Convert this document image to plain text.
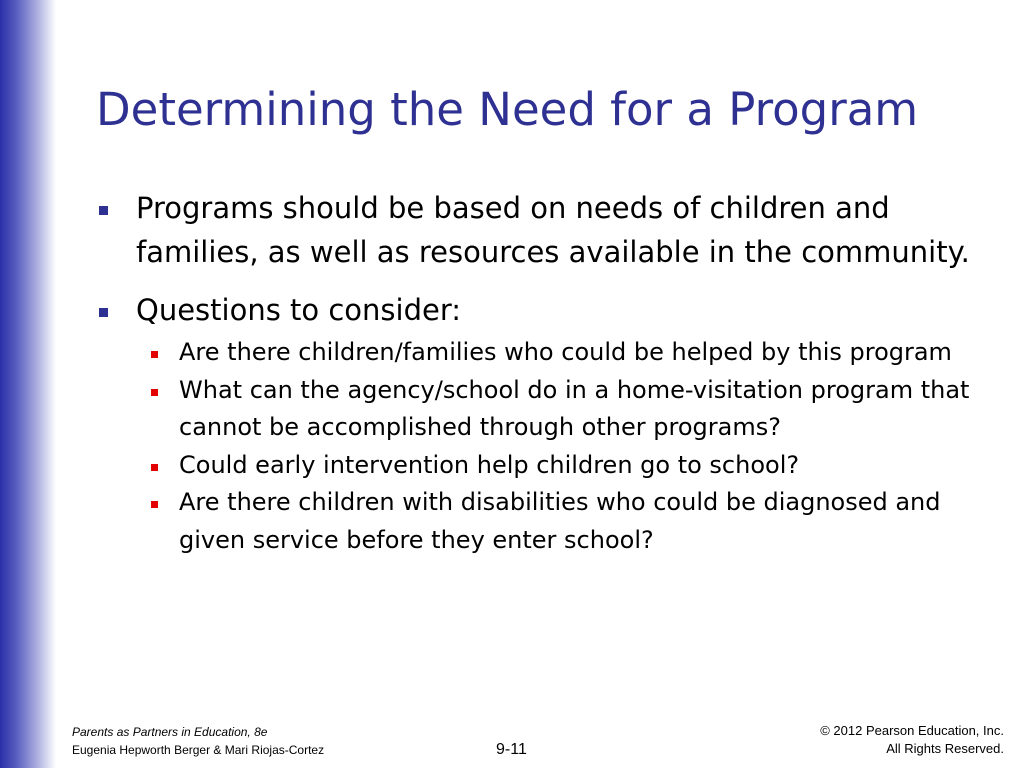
Determining the Need for a Program
Programs should be based on needs of children and families, as well as resources available in the community.
Questions to consider:
Are there children/families who could be helped by this program
What can the agency/school do in a home-visitation program that cannot be accomplished through other programs?
Could early intervention help children go to school?
Are there children with disabilities who could be diagnosed and given service before they enter school?
Parents as Partners in Education, 8e
Eugenia Hepworth Berger & Mari Riojas-Cortez	9-11
© 2012 Pearson Education, Inc.
All Rights Reserved.
